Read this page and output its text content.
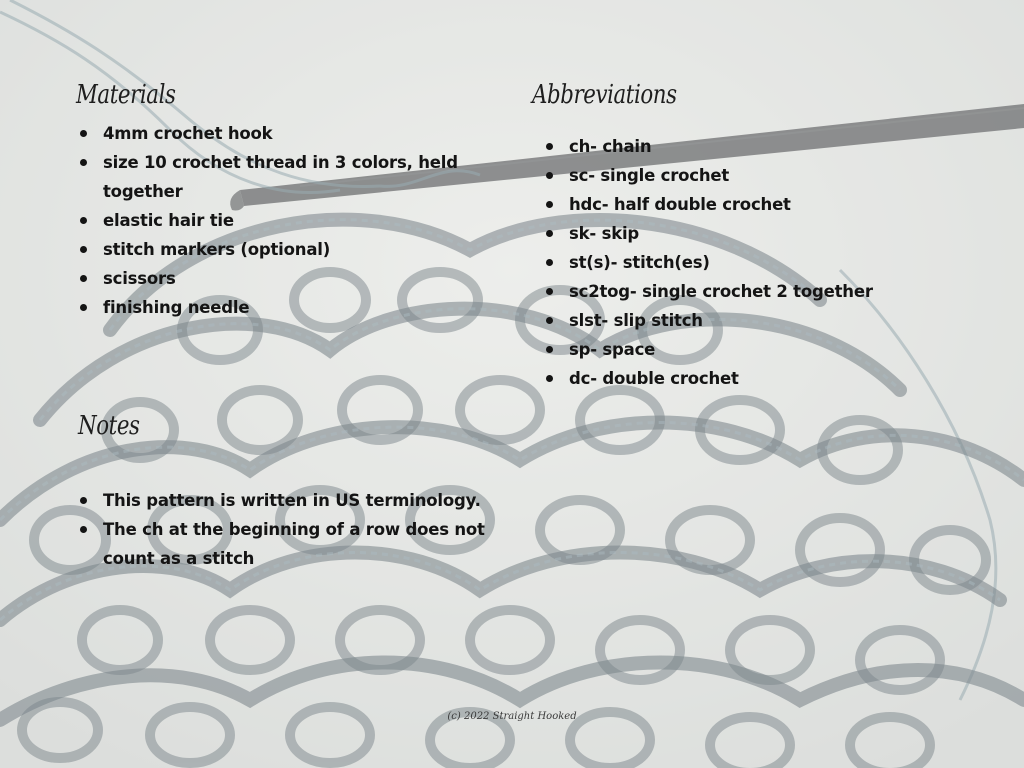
Materials
4mm crochet hook
size 10 crochet thread in 3 colors, held together
elastic hair tie
stitch markers (optional)
scissors
finishing needle
Abbreviations
ch- chain
sc- single crochet
hdc- half double crochet
sk- skip
st(s)- stitch(es)
sc2tog- single crochet 2 together
slst- slip stitch
sp- space
dc- double crochet
Notes
This pattern is written in US terminology.
The ch at the beginning of a row does not count as a stitch
(c) 2022 Straight Hooked
